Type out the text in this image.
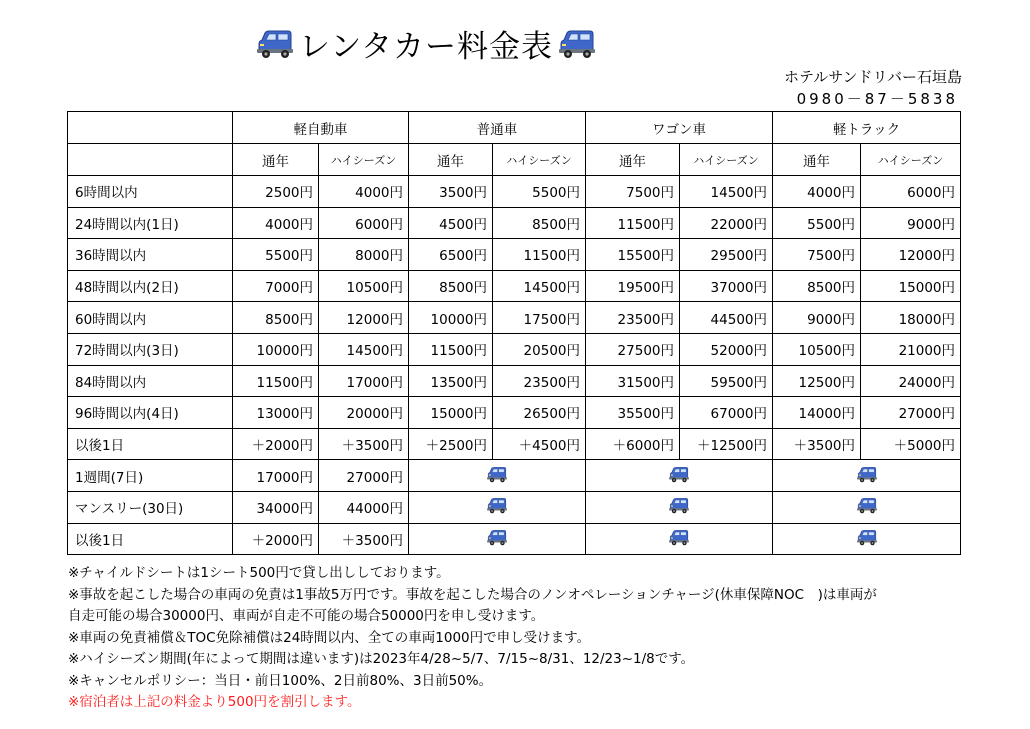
レンタカー料金表
ホテルサンドリバー石垣島
0980－87－5838
	軽自動車		普通車		ワゴン車		軽トラック	
	通年	ハイシーズン	通年	ハイシーズン	通年	ハイシーズン	通年	ハイシーズン
6時間以内	2500円	4000円	3500円	5500円	7500円	14500円	4000円	6000円
24時間以内(1日)	4000円	6000円	4500円	8500円	11500円	22000円	5500円	9000円
36時間以内	5500円	8000円	6500円	11500円	15500円	29500円	7500円	12000円
48時間以内(2日)	7000円	10500円	8500円	14500円	19500円	37000円	8500円	15000円
60時間以内	8500円	12000円	10000円	17500円	23500円	44500円	9000円	18000円
72時間以内(3日)	10000円	14500円	11500円	20500円	27500円	52000円	10500円	21000円
84時間以内	11500円	17000円	13500円	23500円	31500円	59500円	12500円	24000円
96時間以内(4日)	13000円	20000円	15000円	26500円	35500円	67000円	14000円	27000円
以後1日	＋2000円	＋3500円	＋2500円	＋4500円	＋6000円	＋12500円	＋3500円	＋5000円
1週間(7日)	17000円	27000円			
マンスリー(30日)	34000円	44000円			
以後1日	＋2000円	＋3500円			
※チャイルドシートは1シート500円で貸し出ししております。
※事故を起こした場合の車両の免責は1事故5万円です。事故を起こした場合のノンオペレーションチャージ(休車保障NOC　)は車両が
自走可能の場合30000円、車両が自走不可能の場合50000円を申し受けます。
※車両の免責補償＆TOC免除補償は24時間以内、全ての車両1000円で申し受けます。
※ハイシーズン期間(年によって期間は違います)は2023年4/28~5/7、7/15~8/31、12/23~1/8です。
※キャンセルポリシー：当日・前日100%、2日前80%、3日前50%。
※宿泊者は上記の料金より500円を割引します。
